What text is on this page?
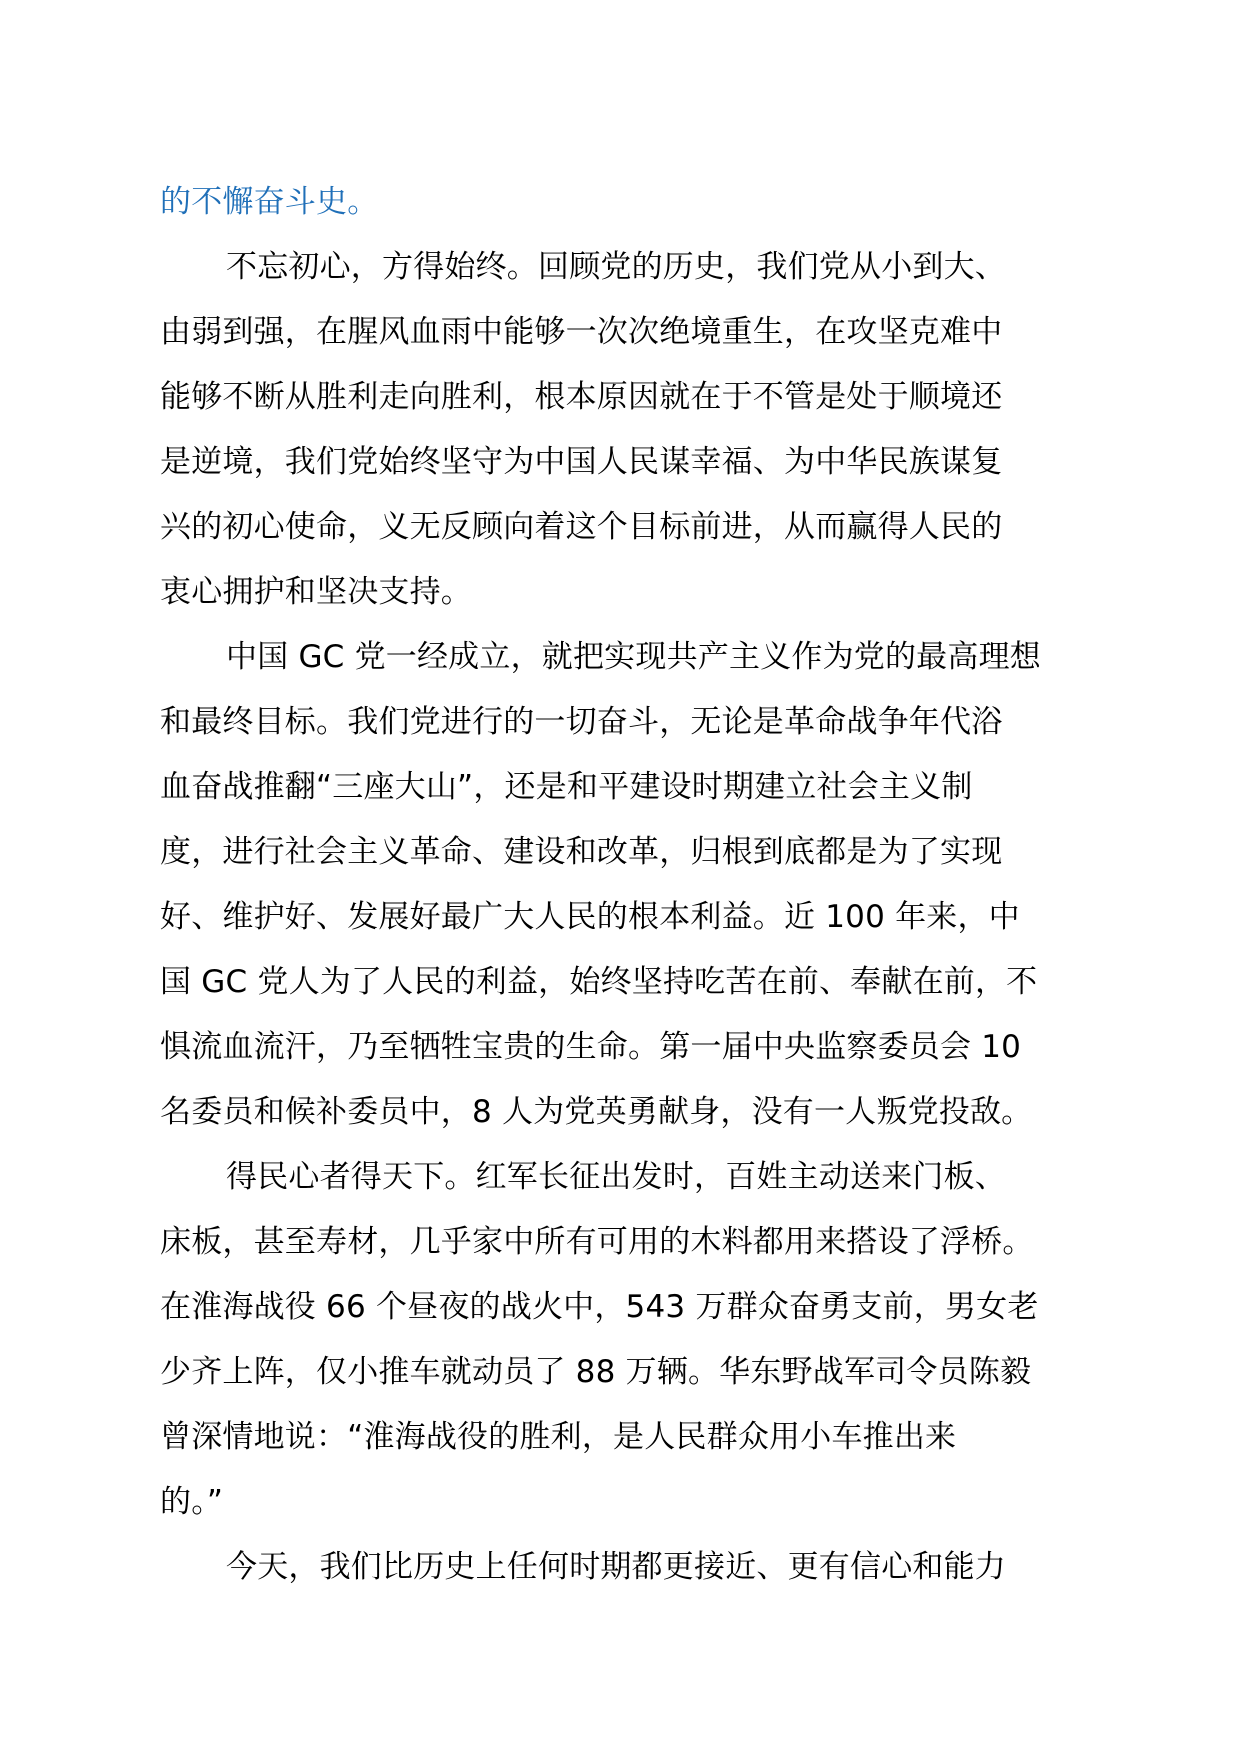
的不懈奋斗史。
不忘初心，方得始终。回顾党的历史，我们党从小到大、
由弱到强，在腥风血雨中能够一次次绝境重生，在攻坚克难中
能够不断从胜利走向胜利，根本原因就在于不管是处于顺境还
是逆境，我们党始终坚守为中国人民谋幸福、为中华民族谋复
兴的初心使命，义无反顾向着这个目标前进，从而赢得人民的
衷心拥护和坚决支持。
中国 GC 党一经成立，就把实现共产主义作为党的最高理想
和最终目标。我们党进行的一切奋斗，无论是革命战争年代浴
血奋战推翻“三座大山”，还是和平建设时期建立社会主义制
度，进行社会主义革命、建设和改革，归根到底都是为了实现
好、维护好、发展好最广大人民的根本利益。近 100 年来，中
国 GC 党人为了人民的利益，始终坚持吃苦在前、奉献在前，不
惧流血流汗，乃至牺牲宝贵的生命。第一届中央监察委员会 10
名委员和候补委员中，8 人为党英勇献身，没有一人叛党投敌。
得民心者得天下。红军长征出发时，百姓主动送来门板、
床板，甚至寿材，几乎家中所有可用的木料都用来搭设了浮桥。
在淮海战役 66 个昼夜的战火中，543 万群众奋勇支前，男女老
少齐上阵，仅小推车就动员了 88 万辆。华东野战军司令员陈毅
曾深情地说：“淮海战役的胜利，是人民群众用小车推出来
的。”
今天，我们比历史上任何时期都更接近、更有信心和能力
